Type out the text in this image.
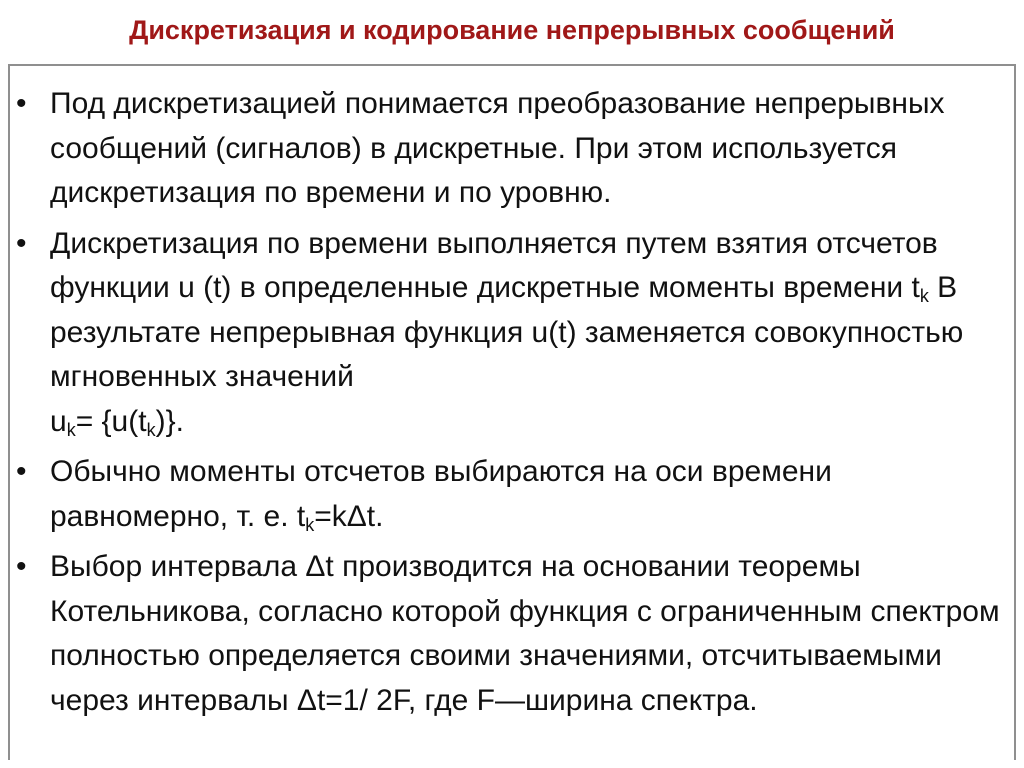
Дискретизация и кодирование непрерывных сообщений
• Под дискретизацией понимается преобразование непрерывных сообщений (сигналов) в дискретные. При этом используется дискретизация по времени и по уровню.
• Дискретизация по времени выполняется путем взятия отсчетов функции u (t) в определенные дискретные моменты времени $t_k$ В результате непрерывная функция u(t) заменяется совокупностью мгновенных значений
$u_k= \{u(t_k)\}$.
• Обычно моменты отсчетов выбираются на оси времени равномерно, т. е. $t_k=k\Delta t$.
• Выбор интервала Δt производится на основании теоремы Котельникова, согласно которой функция с ограниченным спектром полностью определяется своими значениями, отсчитываемыми через интервалы Δt=1/ 2F, где F—ширина спектра.
